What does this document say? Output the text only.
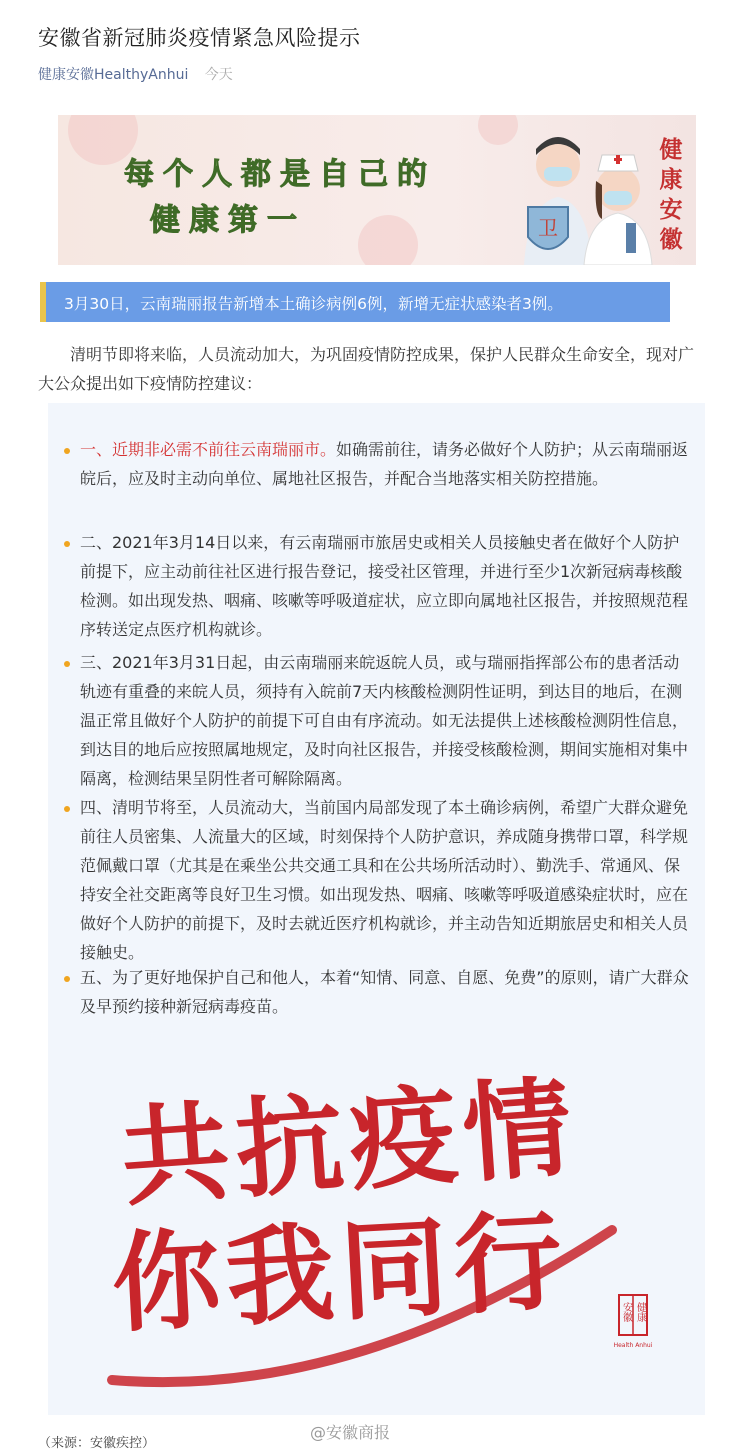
安徽省新冠肺炎疫情紧急风险提示
健康安徽HealthyAnhui 今天
每个人都是自己的
健康第一	卫
健康安徽
3月30日，云南瑞丽报告新增本土确诊病例6例，新增无症状感染者3例。
清明节即将来临，人员流动加大，为巩固疫情防控成果，保护人民群众生命安全，现对广大公众提出如下疫情防控建议：
一、近期非必需不前往云南瑞丽市。如确需前往，请务必做好个人防护；从云南瑞丽返皖后，应及时主动向单位、属地社区报告，并配合当地落实相关防控措施。
二、2021年3月14日以来，有云南瑞丽市旅居史或相关人员接触史者在做好个人防护前提下，应主动前往社区进行报告登记，接受社区管理，并进行至少1次新冠病毒核酸检测。如出现发热、咽痛、咳嗽等呼吸道症状，应立即向属地社区报告，并按照规范程序转送定点医疗机构就诊。
三、2021年3月31日起，由云南瑞丽来皖返皖人员，或与瑞丽指挥部公布的患者活动轨迹有重叠的来皖人员，须持有入皖前7天内核酸检测阴性证明，到达目的地后，在测温正常且做好个人防护的前提下可自由有序流动。如无法提供上述核酸检测阴性信息，到达目的地后应按照属地规定，及时向社区报告，并接受核酸检测，期间实施相对集中隔离，检测结果呈阴性者可解除隔离。
四、清明节将至，人员流动大，当前国内局部发现了本土确诊病例，希望广大群众避免前往人员密集、人流量大的区域，时刻保持个人防护意识，养成随身携带口罩，科学规范佩戴口罩（尤其是在乘坐公共交通工具和在公共场所活动时）、勤洗手、常通风、保持安全社交距离等良好卫生习惯。如出现发热、咽痛、咳嗽等呼吸道感染症状时，应在做好个人防护的前提下，及时去就近医疗机构就诊，并主动告知近期旅居史和相关人员接触史。
五、为了更好地保护自己和他人，本着“知情、同意、自愿、免费”的原则，请广大群众及早预约接种新冠病毒疫苗。
共抗疫情
你我同行	安徽 健康
Health Anhui
（来源：安徽疾控）
@安徽商报
